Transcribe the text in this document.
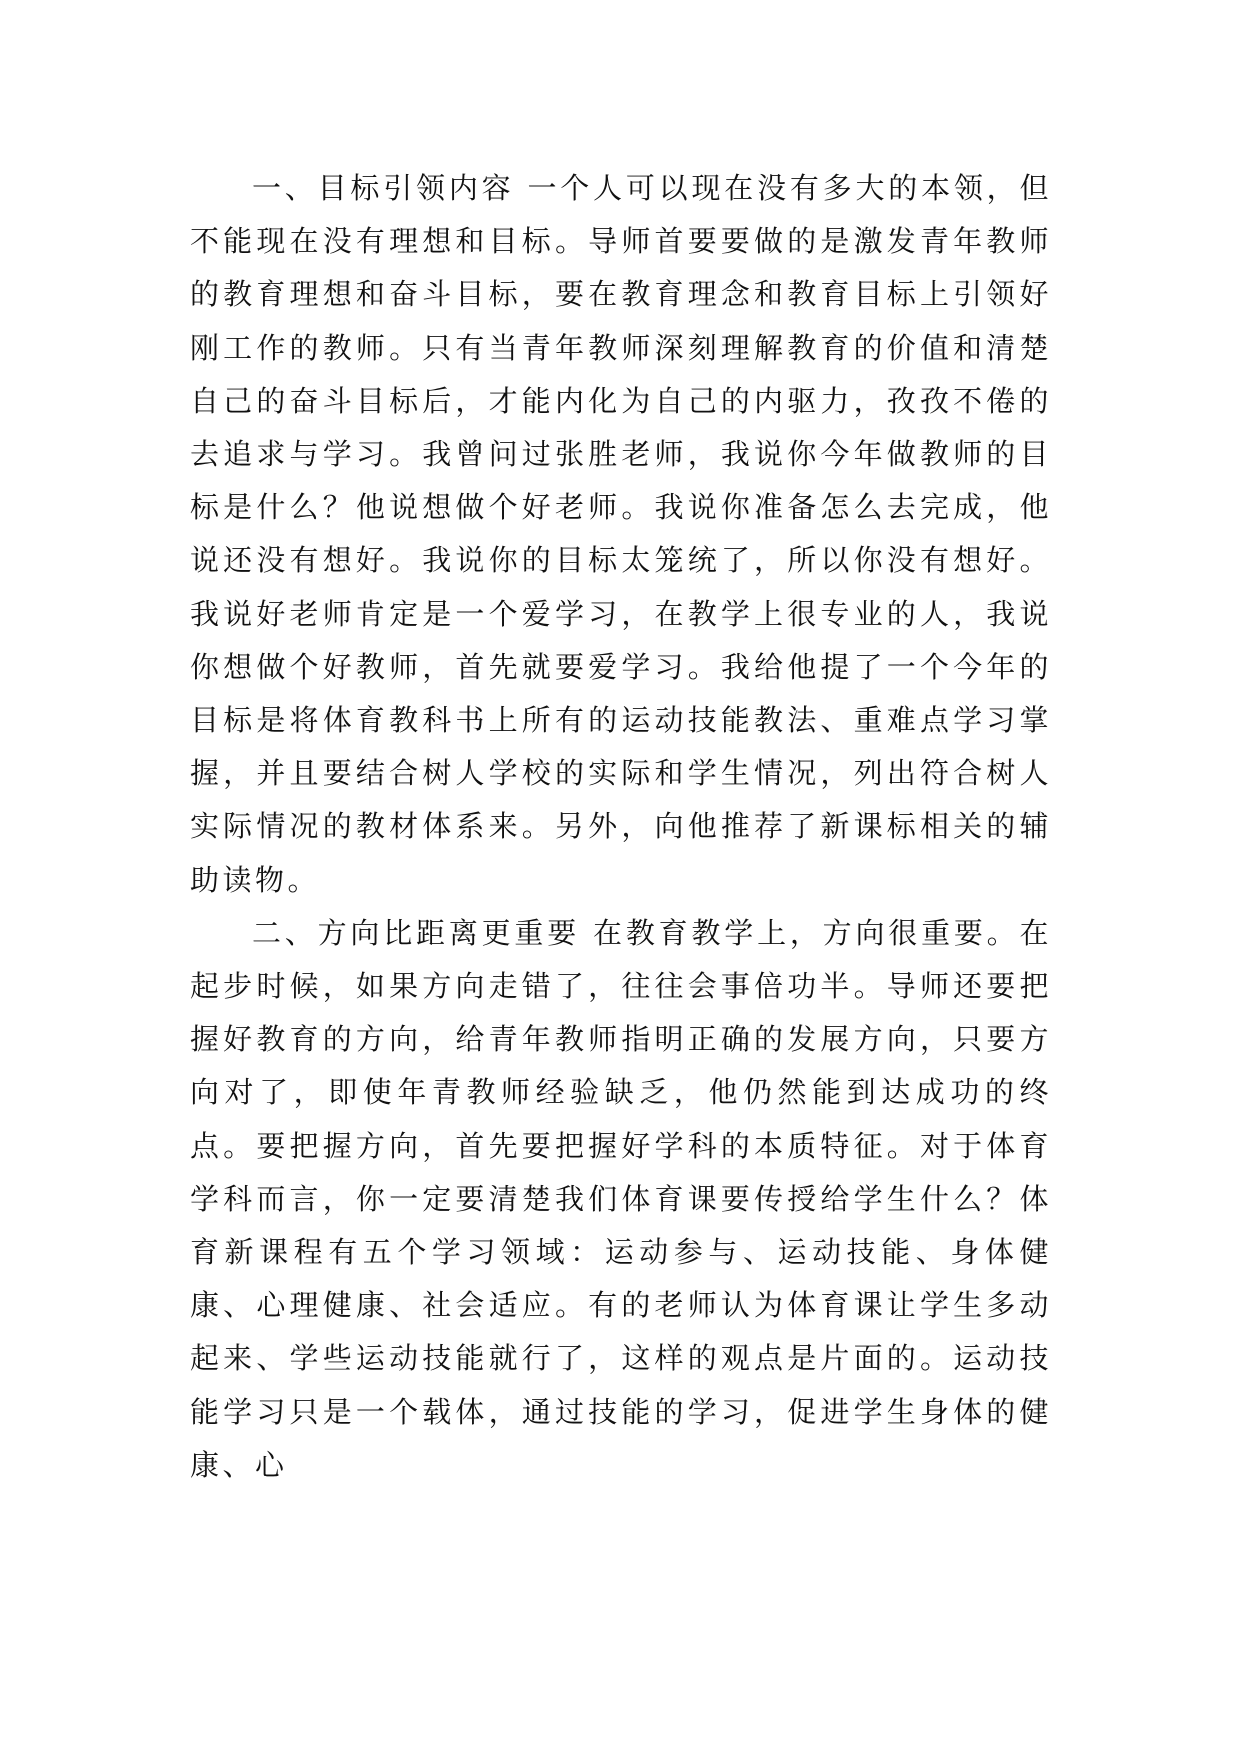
一、目标引领内容 一个人可以现在没有多大的本领，但不能现在没有理想和目标。导师首要要做的是激发青年教师的教育理想和奋斗目标，要在教育理念和教育目标上引领好刚工作的教师。只有当青年教师深刻理解教育的价值和清楚自己的奋斗目标后，才能内化为自己的内驱力，孜孜不倦的去追求与学习。我曾问过张胜老师，我说你今年做教师的目标是什么？他说想做个好老师。我说你准备怎么去完成，他说还没有想好。我说你的目标太笼统了，所以你没有想好。我说好老师肯定是一个爱学习，在教学上很专业的人，我说你想做个好教师，首先就要爱学习。我给他提了一个今年的目标是将体育教科书上所有的运动技能教法、重难点学习掌握，并且要结合树人学校的实际和学生情况，列出符合树人实际情况的教材体系来。另外，向他推荐了新课标相关的辅助读物。

二、方向比距离更重要 在教育教学上，方向很重要。在起步时候，如果方向走错了，往往会事倍功半。导师还要把握好教育的方向，给青年教师指明正确的发展方向，只要方向对了，即使年青教师经验缺乏，他仍然能到达成功的终点。要把握方向，首先要把握好学科的本质特征。对于体育学科而言，你一定要清楚我们体育课要传授给学生什么？体育新课程有五个学习领域：运动参与、运动技能、身体健康、心理健康、社会适应。有的老师认为体育课让学生多动起来、学些运动技能就行了，这样的观点是片面的。运动技能学习只是一个载体，通过技能的学习，促进学生身体的健康、心
